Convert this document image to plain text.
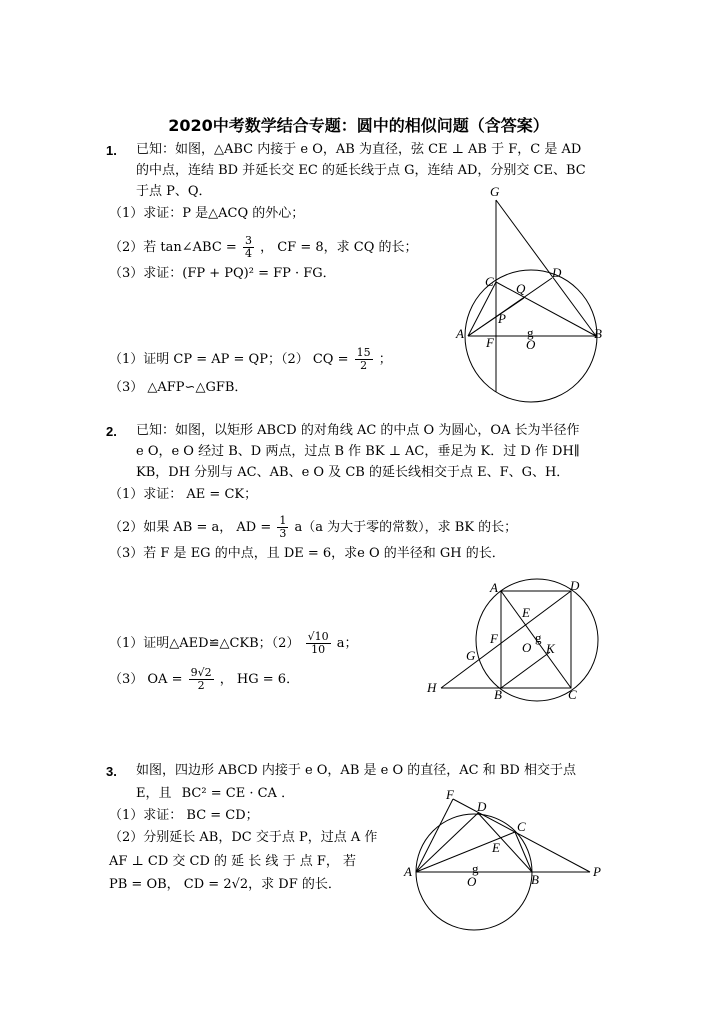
2020中考数学结合专题：圆中的相似问题（含答案）
1. 已知：如图，△ABC 内接于 e O，AB 为直径，弦 CE ⊥ AB 于 F，C 是 AD
的中点，连结 BD 并延长交 EC 的延长线于点 G，连结 AD，分别交 CE、BC
于点 P、Q．
（1）求证：P 是△ACQ 的外心；
（2）若 tan∠ABC = $\frac{3}{4}$ ， CF = 8，求 CQ 的长；
（3）求证：(FP + PQ)² = FP · FG．
（1）证明 CP = AP = QP；（2） CQ = $\frac{15}{2}$ ；
（3） △AFP∽△GFB．
G
C
D
Q
P
A
F
g
O
B
2. 已知：如图，以矩形 ABCD 的对角线 AC 的中点 O 为圆心，OA 长为半径作
e O，e O 经过 B、D 两点，过点 B 作 BK ⊥ AC，垂足为 K．过 D 作 DH∥
KB，DH 分别与 AC、AB、e O 及 CB 的延长线相交于点 E、F、G、H．
（1）求证： AE = CK；
（2）如果 AB = a， AD = $\frac{1}{3} a(a$ 为大于零的常数），求 BK 的长；
（3）若 F 是 EG 的中点，且 DE = 6，求e O 的半径和 GH 的长．
（1）证明△AED≌△CKB；$(2) \frac{√10}{10}$ a；
（3） OA = $\frac{9√2}{2}$ ， HG = 6．
A	D
E
F
O
g
K
G
H	B	C
3. 如图，四边形 ABCD 内接于 e O，AB 是 e O 的直径，AC 和 BD 相交于点
E，且 BC² = CE · CA ．
（1）求证： BC = CD；
（2）分别延长 AB，DC 交于点 P，过点 A 作
AF ⊥ CD 交 CD 的 延 长 线 于 点 F， 若
PB = OB， CD = 2√2，求 DF 的长．
F
D
C
E
A	g
O	B
P
